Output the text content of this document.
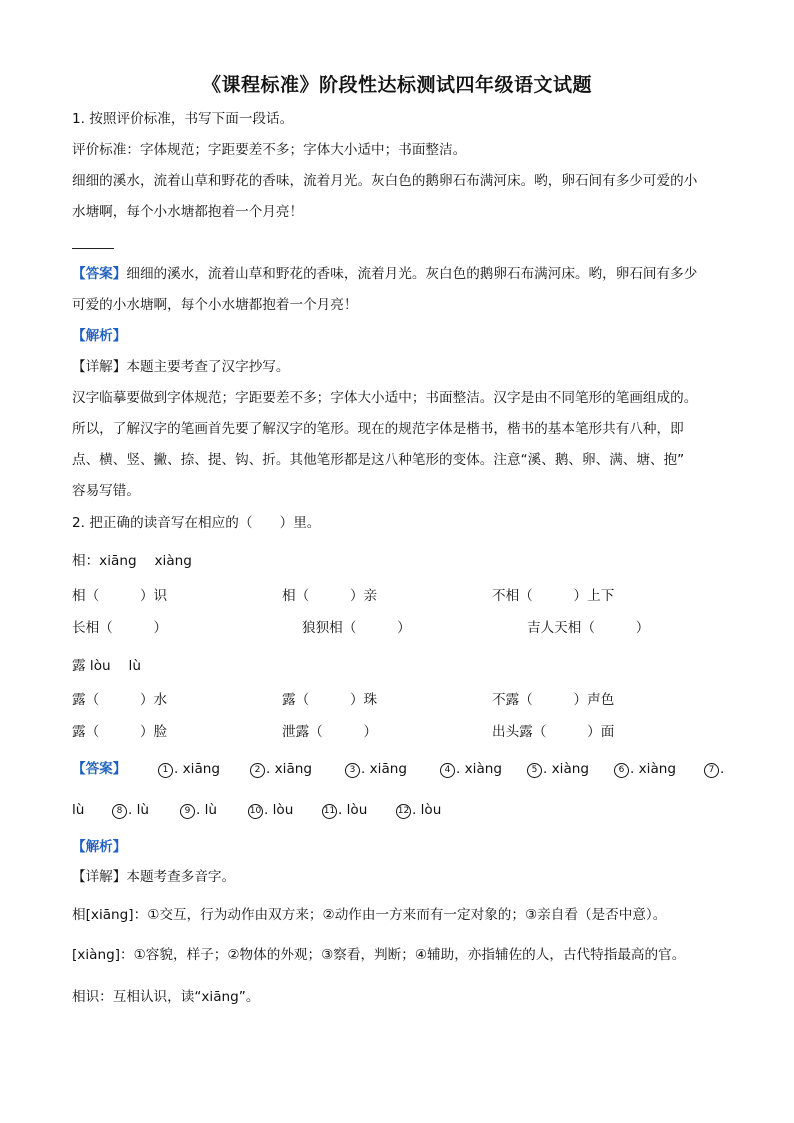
《课程标准》阶段性达标测试四年级语文试题
1. 按照评价标准，书写下面一段话。
评价标准：字体规范；字距要差不多；字体大小适中；书面整洁。
细细的溪水，流着山草和野花的香味，流着月光。灰白色的鹅卵石布满河床。哟，卵石间有多少可爱的小
水塘啊，每个小水塘都抱着一个月亮！
【答案】细细的溪水，流着山草和野花的香味，流着月光。灰白色的鹅卵石布满河床。哟，卵石间有多少
可爱的小水塘啊，每个小水塘都抱着一个月亮！
【解析】
【详解】本题主要考查了汉字抄写。
汉字临摹要做到字体规范；字距要差不多；字体大小适中；书面整洁。汉字是由不同笔形的笔画组成的。
所以，了解汉字的笔画首先要了解汉字的笔形。现在的规范字体是楷书，楷书的基本笔形共有八种，即
点、横、竖、撇、捺、提、钩、折。其他笔形都是这八种笔形的变体。注意“溪、鹅、卵、满、塘、抱”
容易写错。
2. 把正确的读音写在相应的（　　）里。
相：xiāng　 xiàng
相（　　　）识	相（　　　）亲	不相（　　　）上下
长相（　　　）	狼狈相（　　　）	吉人天相（　　　）
露 lòu　 lù
露（　　　）水	露（　　　）珠	不露（　　　）声色
露（　　　）脸	泄露（　　　）	出头露（　　　）面
【答案】	1 . xiāng	2 . xiāng	3 . xiāng	4 . xiàng	5 . xiàng	6 . xiàng	7 .
lù	8 . lù	9 . lù	10 . lòu	11 . lòu	12 . lòu
【解析】
【详解】本题考查多音字。
相[xiāng]：①交互，行为动作由双方来；②动作由一方来而有一定对象的；③亲自看（是否中意）。
[xiàng]：①容貌，样子；②物体的外观；③察看，判断；④辅助，亦指辅佐的人，古代特指最高的官。
相识：互相认识，读“xiāng”。
